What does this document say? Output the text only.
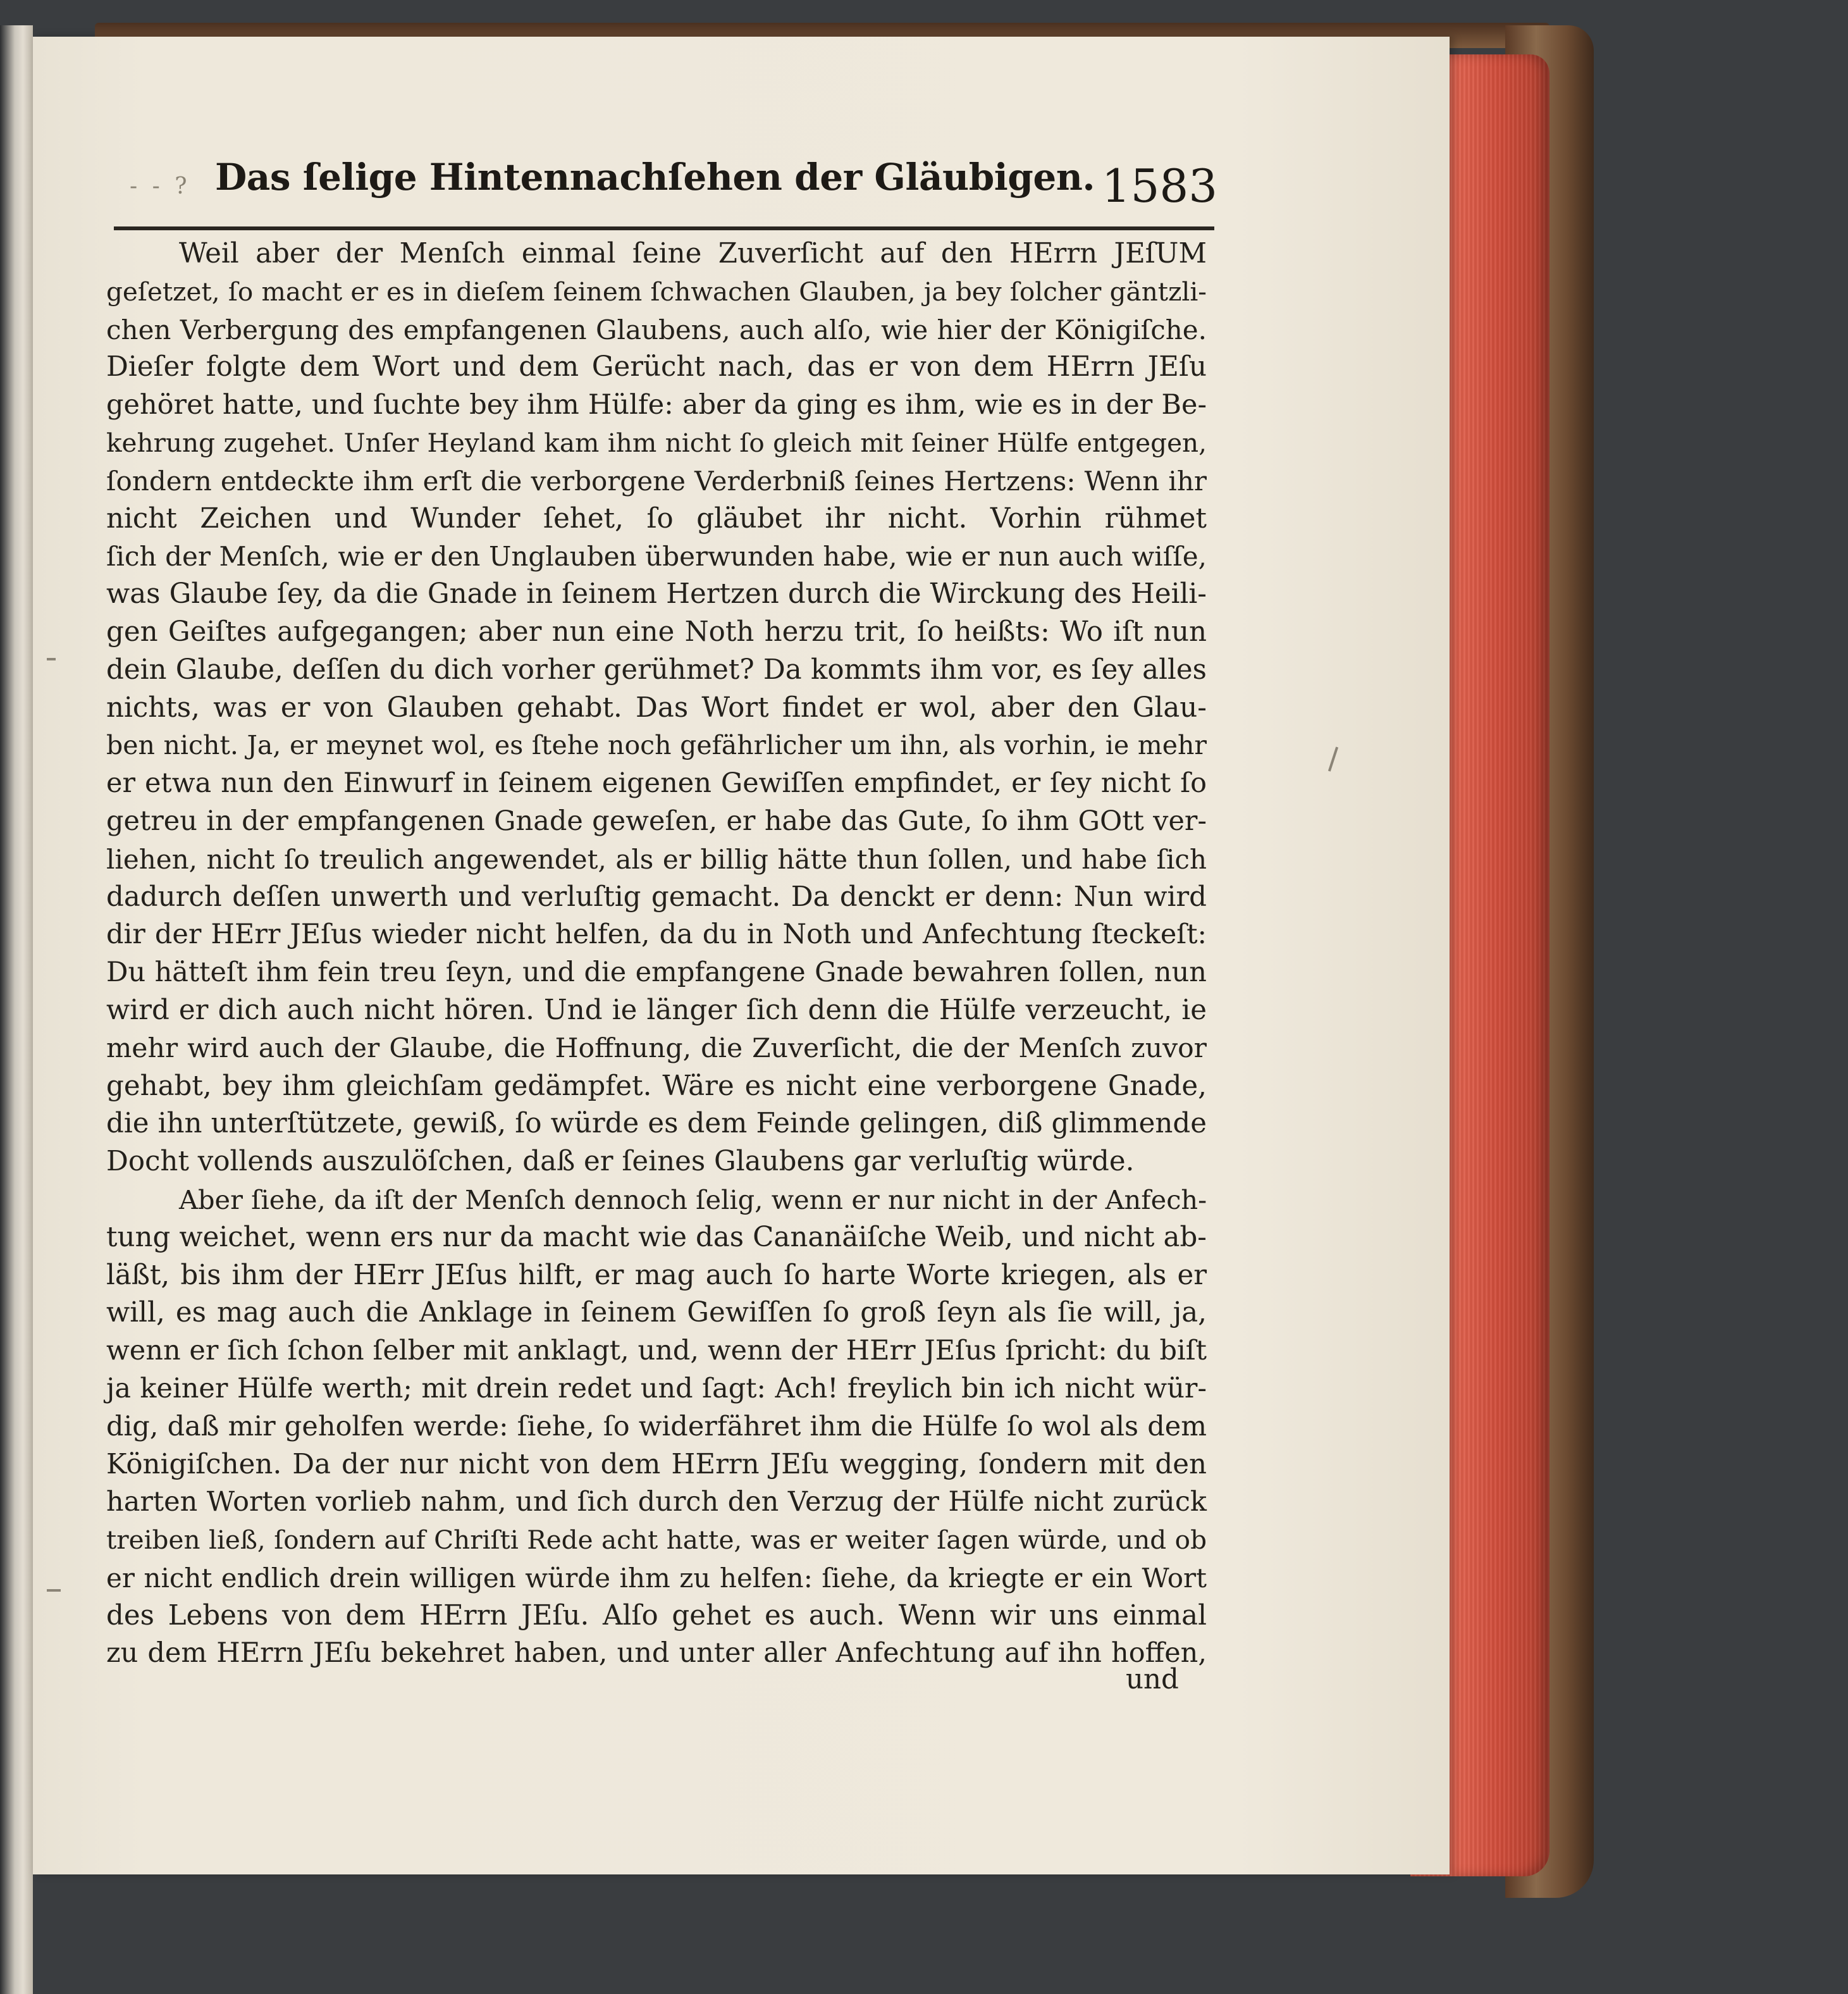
- - ? Das ſelige Hintennachſehen der Gläubigen. 1583
Weil aber der Menſch einmal ſeine Zuverſicht auf den HErrn JEſUM
geſetzet, ſo macht er es in dieſem ſeinem ſchwachen Glauben, ja bey ſolcher gäntzli-
chen Verbergung des empfangenen Glaubens, auch alſo, wie hier der Königiſche.
Dieſer folgte dem Wort und dem Gerücht nach, das er von dem HErrn JEſu
gehöret hatte, und ſuchte bey ihm Hülfe: aber da ging es ihm, wie es in der Be-
kehrung zugehet. Unſer Heyland kam ihm nicht ſo gleich mit ſeiner Hülfe entgegen,
ſondern entdeckte ihm erſt die verborgene Verderbniß ſeines Hertzens: Wenn ihr
nicht Zeichen und Wunder ſehet, ſo gläubet ihr nicht. Vorhin rühmet
ſich der Menſch, wie er den Unglauben überwunden habe, wie er nun auch wiſſe,
was Glaube ſey, da die Gnade in ſeinem Hertzen durch die Wirckung des Heili-
gen Geiſtes aufgegangen; aber nun eine Noth herzu trit, ſo heißts: Wo iſt nun
dein Glaube, deſſen du dich vorher gerühmet? Da kommts ihm vor, es ſey alles
nichts, was er von Glauben gehabt. Das Wort findet er wol, aber den Glau-
ben nicht. Ja, er meynet wol, es ſtehe noch gefährlicher um ihn, als vorhin, ie mehr
er etwa nun den Einwurf in ſeinem eigenen Gewiſſen empfindet, er ſey nicht ſo
getreu in der empfangenen Gnade geweſen, er habe das Gute, ſo ihm GOtt ver-
liehen, nicht ſo treulich angewendet, als er billig hätte thun ſollen, und habe ſich
dadurch deſſen unwerth und verluſtig gemacht. Da denckt er denn: Nun wird
dir der HErr JEſus wieder nicht helfen, da du in Noth und Anfechtung ſteckeſt:
Du hätteſt ihm fein treu ſeyn, und die empfangene Gnade bewahren ſollen, nun
wird er dich auch nicht hören. Und ie länger ſich denn die Hülfe verzeucht, ie
mehr wird auch der Glaube, die Hoffnung, die Zuverſicht, die der Menſch zuvor
gehabt, bey ihm gleichſam gedämpfet. Wäre es nicht eine verborgene Gnade,
die ihn unterſtützete, gewiß, ſo würde es dem Feinde gelingen, diß glimmende
Docht vollends auszulöſchen, daß er ſeines Glaubens gar verluſtig würde.
Aber ſiehe, da iſt der Menſch dennoch ſelig, wenn er nur nicht in der Anfech-
tung weichet, wenn ers nur da macht wie das Cananäiſche Weib, und nicht ab-
läßt, bis ihm der HErr JEſus hilft, er mag auch ſo harte Worte kriegen, als er
will, es mag auch die Anklage in ſeinem Gewiſſen ſo groß ſeyn als ſie will, ja,
wenn er ſich ſchon ſelber mit anklagt, und, wenn der HErr JEſus ſpricht: du biſt
ja keiner Hülfe werth; mit drein redet und ſagt: Ach! freylich bin ich nicht wür-
dig, daß mir geholfen werde: ſiehe, ſo widerfähret ihm die Hülfe ſo wol als dem
Königiſchen. Da der nur nicht von dem HErrn JEſu wegging, ſondern mit den
harten Worten vorlieb nahm, und ſich durch den Verzug der Hülfe nicht zurück
treiben ließ, ſondern auf Chriſti Rede acht hatte, was er weiter ſagen würde, und ob
er nicht endlich drein willigen würde ihm zu helfen: ſiehe, da kriegte er ein Wort
des Lebens von dem HErrn JEſu. Alſo gehet es auch. Wenn wir uns einmal
zu dem HErrn JEſu bekehret haben, und unter aller Anfechtung auf ihn hoffen,
und
